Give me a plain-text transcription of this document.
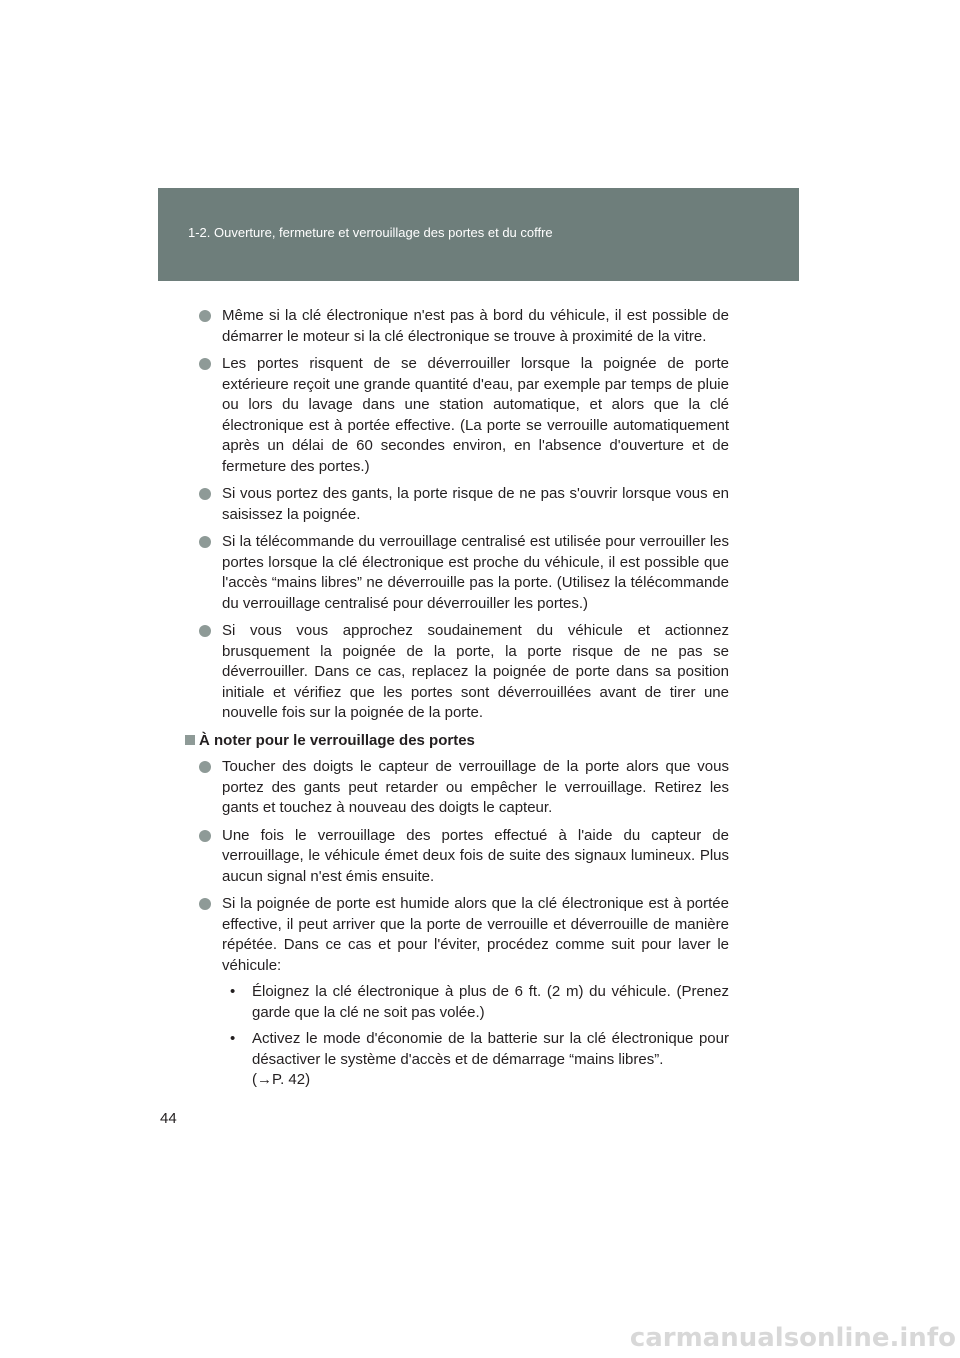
1-2. Ouverture, fermeture et verrouillage des portes et du coffre
Même si la clé électronique n'est pas à bord du véhicule, il est possible de démarrer le moteur si la clé électronique se trouve à proximité de la vitre.
Les portes risquent de se déverrouiller lorsque la poignée de porte extérieure reçoit une grande quantité d'eau, par exemple par temps de pluie ou lors du lavage dans une station automatique, et alors que la clé électronique est à portée effective. (La porte se verrouille automatiquement après un délai de 60 secondes environ, en l'absence d'ouverture et de fermeture des portes.)
Si vous portez des gants, la porte risque de ne pas s'ouvrir lorsque vous en saisissez la poignée.
Si la télécommande du verrouillage centralisé est utilisée pour verrouiller les portes lorsque la clé électronique est proche du véhicule, il est possible que l'accès “mains libres” ne déverrouille pas la porte. (Utilisez la télécommande du verrouillage centralisé pour déverrouiller les portes.)
Si vous vous approchez soudainement du véhicule et actionnez brusquement la poignée de la porte, la porte risque de ne pas se déverrouiller. Dans ce cas, replacez la poignée de porte dans sa position initiale et vérifiez que les portes sont déverrouillées avant de tirer une nouvelle fois sur la poignée de la porte.
À noter pour le verrouillage des portes
Toucher des doigts le capteur de verrouillage de la porte alors que vous portez des gants peut retarder ou empêcher le verrouillage. Retirez les gants et touchez à nouveau des doigts le capteur.
Une fois le verrouillage des portes effectué à l'aide du capteur de verrouillage, le véhicule émet deux fois de suite des signaux lumineux. Plus aucun signal n'est émis ensuite.
Si la poignée de porte est humide alors que la clé électronique est à portée effective, il peut arriver que la porte de verrouille et déverrouille de manière répétée. Dans ce cas et pour l'éviter, procédez comme suit pour laver le véhicule:
• Éloignez la clé électronique à plus de 6 ft. (2 m) du véhicule. (Prenez garde que la clé ne soit pas volée.)
• Activez le mode d'économie de la batterie sur la clé électronique pour désactiver le système d'accès et de démarrage “mains libres”.
(→P. 42)
44
carmanualsonline.info
